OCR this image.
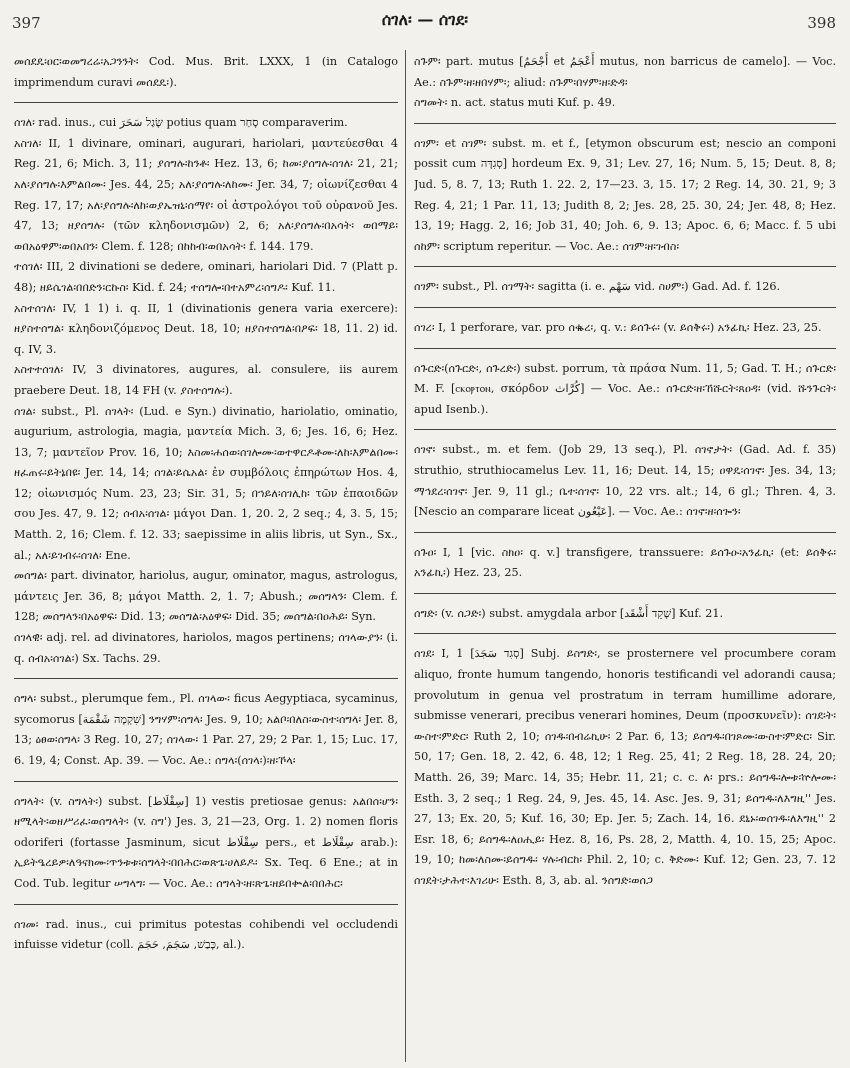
397	ሰገለ፡ — ሰገደ፡	398

መሰደዴ፡ዐር፡ወመግረሬ፡አጋንንት፡ Cod. Mus. Brit. LXXX, 1 (in Catalogo imprimendum curavi መሰደዴ፡).

ሰገለ፡ rad. inus., cui שָׂגַל سَحَرَ potius quam סָחַר comparaverim.

አስገለ፡ II, 1 divinare, ominari, augurari, hariolari, μαντεύεσθαι 4 Reg. 21, 6; Mich. 3, 11; ያሰግሉ፡ከንቶ፡ Hez. 13, 6; ከመ፡ያሰግሉ፡ሰገለ፡ 21, 21; አለ፡ያሰግሉ፡እምልበሙ፡ Jes. 44, 25; አለ፡ያሰግሉ፡ለከሙ፡ Jer. 34, 7; οἰωνίζεσθαι 4 Reg. 17, 17; አለ፡ያሰግሉ፡ለከ፡ወያኤዝኒ፡ሰማየ፡ οἱ ἀστρολόγοι τοῦ οὐρανοῦ Jes. 47, 13; ዘያሰግሉ፡ (τῶν κληδονισμῶν) 2, 6; አለ፡ያሰግሉ፡በአሳት፡ ወበማይ፡ወበአዕዋም፡ወበአበን፡ Clem. f. 128; በከከብ፡ወበአሳት፡ f. 144. 179.

ተሰገለ፡ III, 2 divinationi se dedere, ominari, hariolari Did. 7 (Platt p. 48); ዘይሴገል፡በበድን፡ርኩስ፡ Kid. f. 24; ተሰግሎ፡በተአምረ፡ሰግዶ፡ Kuf. 11.

አስተሰገለ፡ IV, 1 1) i. q. II, 1 (divinationis genera varia exercere): ዘያስተሰግል፡ κληδονιζόμενος Deut. 18, 10; ዘያስተሰግል፡በዖፍ፡ 18, 11. 2) id. q. IV, 3.

አስተተሰገለ፡ IV, 3 divinatores, augures, al. consulere, iis aurem praebere Deut. 18, 14 FH (v. ያስተሰግሉ፡).

ሰገል፡ subst., Pl. ሰገላት፡ (Lud. e Syn.) divinatio, hariolatio, ominatio, augurium, astrologia, magia, μαντεία Mich. 3, 6; Jes. 16, 6; Hez. 13, 7; μαντεῖον Prov. 16, 10; እስመ፡ሐሰወ፡ሰገሎሙ፡ወተዋርዶቶሙ፡ለከ፡እምልበሙ፡ዘፈጠሩ፡ይትኔበዩ፡ Jer. 14, 14; ሰገል፡ይሴአል፡ ἐν συμβόλοις ἐπηρώτων Hos. 4, 12; οἰωνισμός Num. 23, 23; Sir. 31, 5; በኀይለ፡ሰገሊከ፡ τῶν ἐπαοιδῶν σου Jes. 47, 9. 12; ሰብአ፡ሰገል፡ μάγοι Dan. 1, 20. 2, 2 seq.; 4, 3. 5, 15; Matth. 2, 16; Clem. f. 12. 33; saepissime in aliis libris, ut Syn., Sx., al.; አለ፡ይገብሩ፡ሰገለ፡ Ene.

መሰግል፡ part. divinator, hariolus, augur, ominator, magus, astrologus, μάντεις Jer. 36, 8; μάγοι Matth. 2, 1. 7; Abush.; መሰግላን፡ Clem. f. 128; መሰግላን፡በአዕዋፍ፡ Did. 13; መሰግል፡አዕዋፍ፡ Did. 35; መሰግል፡በዐሕይ፡ Syn.

ሰገላዊ፡ adj. rel. ad divinatores, hariolos, magos pertinens; ሰገላውያን፡ (i. q. ሰብአ፡ሰገል፡) Sx. Tachs. 29.

ሰግላ፡ subst., plerumque fem., Pl. ሰገላው፡ ficus Aegyptiaca, sycaminus, sycomorus [שִׁקְמָה شَقْمَة] ንግሃም፡ሰግላ፡ Jes. 9, 10; አልቦ፡በለስ፡ውስተ፡ሰግላ፡ Jer. 8, 13; ዕፀወ፡ሰግላ፡ 3 Reg. 10, 27; ሰገላው፡ 1 Par. 27, 29; 2 Par. 1, 15; Luc. 17, 6. 19, 4; Const. Ap. 39. — Voc. Ae.: ሰግላ፡(ሰገላ፡)፡ዘ፡ኾላ፡

ሰግላት፡ (v. ስግላት፡) subst. [سِقْلَاط] 1) vestis pretiosae genus: አልበሰ፡ሆን፡ዘሚላት፡ወዘሥሪፈ፡ወሰግላት፡ (v. ስግ') Jes. 3, 21—23, Org. 1. 2) nomen floris odoriferi (fortasse Jasminum, sicut سِقْلَاط pers., et سِقْلَاط arab.): ኢይትዔረይዎ፡ለዓናክሙ፡ጥንቱቱ፡ሰግላት፡በበሕር፡ወጽጌ፡ሀለይዶ፡ Sx. Teq. 6 Ene.; at in Cod. Tub. legitur ሠግላግ፡ — Voc. Ae.: ሰግላት፡ዘ፡ጽጌ፡ዘይበቍል፡በበሕር፡

ሰገመ፡ rad. inus., cui primitus potestas cohibendi vel occludendi infuisse videtur (coll. כָּבַשׁ, سَجَمَ, حَجَمَ, al.).

ስጉም፡ part. mutus [أَجْحَمُ et أَعْجَمُ mutus, non barricus de camelo]. — Voc. Ae.: ስጉም፡ዘ፡ዘበሃም፡; aliud: ስጉም፡በሃም፡ዘ፡ድዳ፡

ስግመት፡ n. act. status muti Kuf. p. 49.

ሰገም፡ et ስገም፡ subst. m. et f., [etymon obscurum est; nescio an componi possit cum סְגִדָּה] hordeum Ex. 9, 31; Lev. 27, 16; Num. 5, 15; Deut. 8, 8; Jud. 5, 8. 7, 13; Ruth 1. 22. 2, 17—23. 3, 15. 17; 2 Reg. 14, 30. 21, 9; 3 Reg. 4, 21; 1 Par. 11, 13; Judith 8, 2; Jes. 28, 25. 30, 24; Jer. 48, 8; Hez. 13, 19; Hagg. 2, 16; Job 31, 40; Joh. 6, 9. 13; Apoc. 6, 6; Macc. f. 5 ubi ሰከም፡ scriptum reperitur. — Voc. Ae.: ሰገም፡ዘ፡ገብስ፡

ሰገም፡ subst., Pl. ሰገማት፡ sagitta (i. e. سَهْم vid. ስሀም፡) Gad. Ad. f. 126.

ሰገረ፡ I, 1 perforare, var. pro ሰቈረ፡, q. v.: ይሰጉሩ፡ (v. ይሰቅሩ፡) አንፊኪ፡ Hez. 23, 25.

ሰጉርድ፡(ሰጉርድ፡, ሰጉረድ፡) subst. porrum, τὰ πράσα Num. 11, 5; Gad. T. H.; ሰጉርድ፡ M. F. [ⲥⲕⲟⲣⲧⲟⲛ, σκόρδον كُرَّاث] — Voc. Ae.: ሰጉርድ፡ዘ፡ኸሹርት፡ጸዐዳ፡ (vid. ሹንጉርት፡ apud Isenb.).

ሰገኖ፡ subst., m. et fem. (Job 29, 13 seq.), Pl. ሰገኖታት፡ (Gad. Ad. f. 35) struthio, struthiocamelus Lev. 11, 16; Deut. 14, 15; ዐዋዴ፡ሰገኖ፡ Jes. 34, 13; ማኅደረ፡ሰገኖ፡ Jer. 9, 11 gl.; ቤተ፡ሰገኖ፡ 10, 22 vrs. alt.; 14, 6 gl.; Thren. 4, 3. [Nescio an comparare liceat عَيْعُون]. — Voc. Ae.: ሰገኖ፡ዘ፡ሰጐን፡

ሰጉዐ፡ I, 1 [vic. ስክዐ፡ q. v.] transfigere, transsuere: ይሰጉዑ፡አንፊኪ፡ (et: ይሰቅሩ፡አንፊኪ፡) Hez. 23, 25.

ሰግድ፡ (v. ሰጋድ፡) subst. amygdala arbor [שָׁקֵד أَشْقَد] Kuf. 21.

ሰገደ፡ I, 1 [סְגִד سَجَدَ] Subj. ይስግድ፡, se prosternere vel procumbere coram aliquo, fronte humum tangendo, honoris testificandi vel adorandi causa; provolutum in genua vel prostratum in terram humillime adorare, submisse venerari, precibus venerari homines, Deum (προσκυνεῖν): ሰገደ፡ት፡ውስተ፡ምድር፡ Ruth 2, 10; ሰገዱ፡በብሬኪሁ፡ 2 Par. 6, 13; ይሰግዱ፡በገጾሙ፡ውስተ፡ምድር፡ Sir. 50, 17; Gen. 18, 2. 42, 6. 48, 12; 1 Reg. 25, 41; 2 Reg. 18, 28. 24, 20; Matth. 26, 39; Marc. 14, 35; Hebr. 11, 21; c. c. ለ፡ prs.: ይሰግዱ፡ሎቱ፡ኵሎሙ፡ Esth. 3, 2 seq.; 1 Reg. 24, 9, Jes. 45, 14. Asc. Jes. 9, 31; ይሰግዱ፡ለእግዚ'' Jes. 27, 13; Ex. 20, 5; Kuf. 16, 30; Ep. Jer. 5; Zach. 14, 16. ደኒኑ፡ወሰገዱ፡ለእግዚ'' 2 Esr. 18, 6; ይሰግዱ፡ለዐሒይ፡ Hez. 8, 16, Ps. 28, 2, Matth. 4, 10. 15, 25; Apoc. 19, 10; ከመ፡ለስሙ፡ይሰግዱ፡ ሃሉ፡ብርከ፡ Phil. 2, 10; c. ቅድሙ፡ Kuf. 12; Gen. 23, 7. 12 ሰገደት፡ታሕተ፡እገሪሁ፡ Esth. 8, 3, ab. al. ንሰግድ፡ወሰጋ
